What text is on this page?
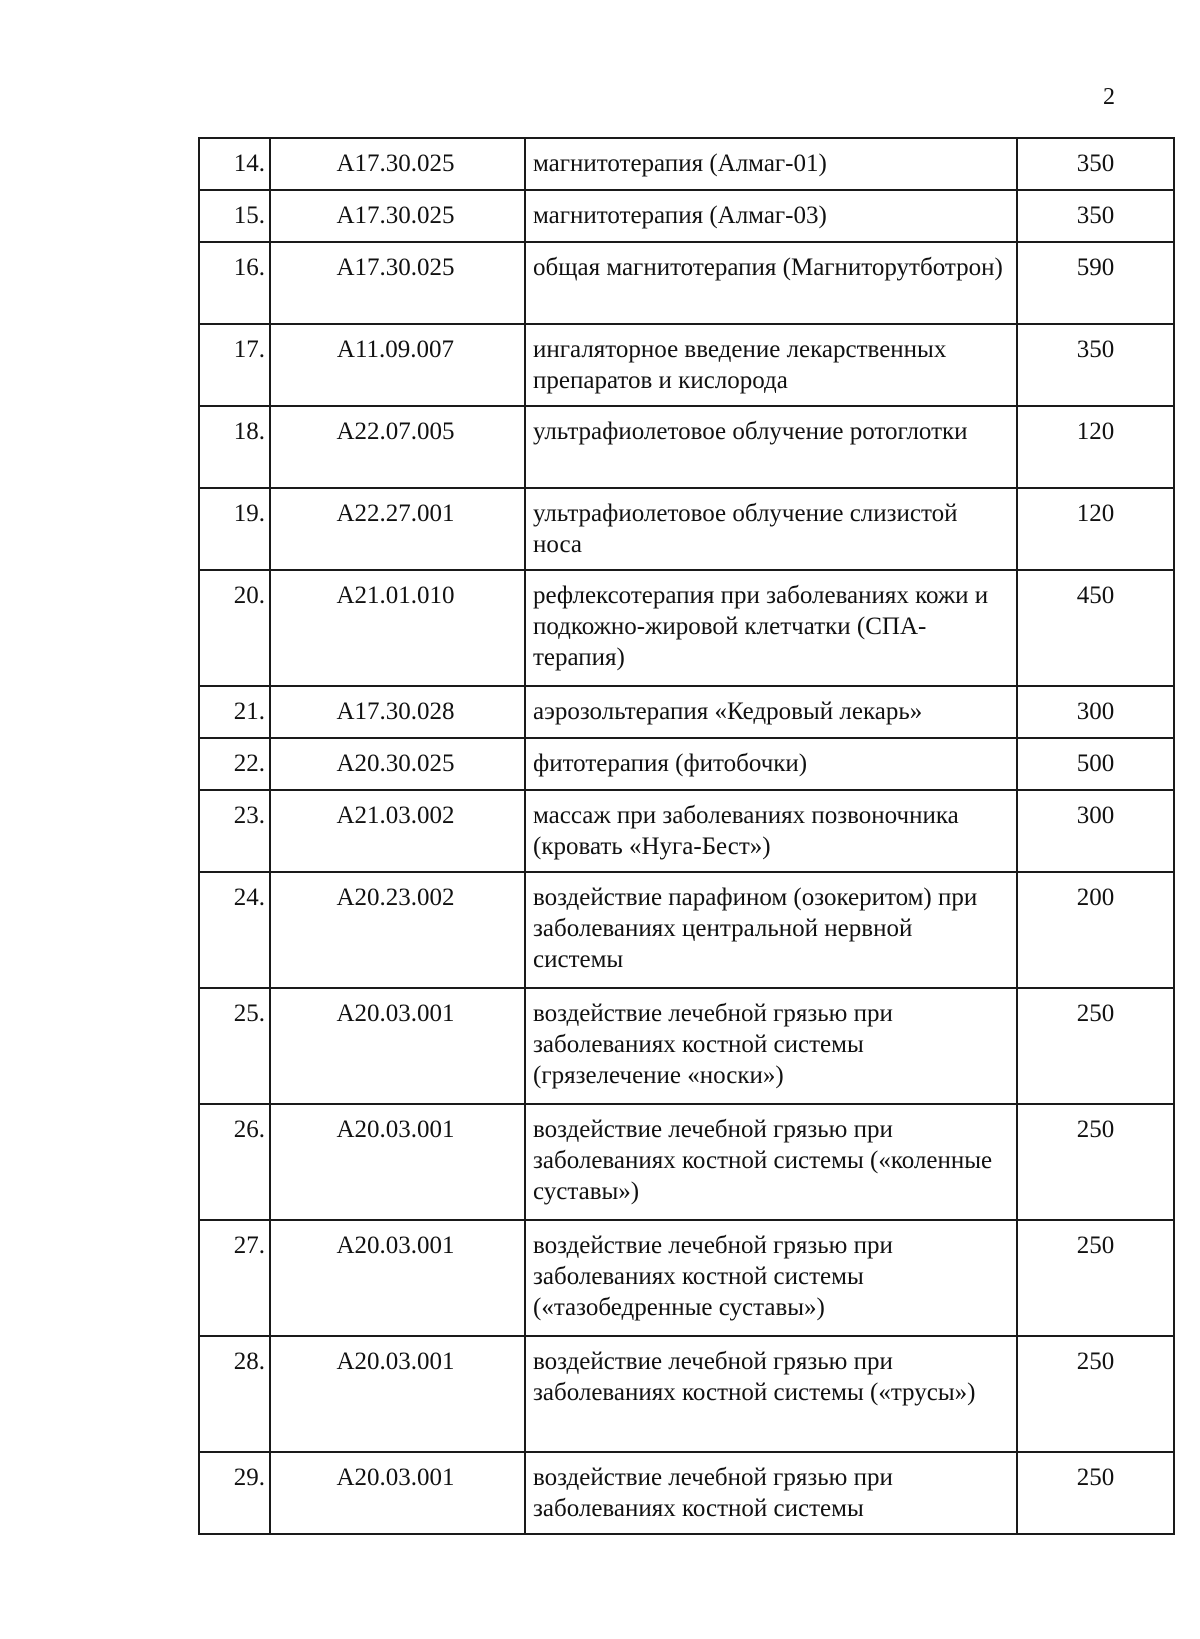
2
14.	А17.30.025	магнитотерапия (Алмаг-01)	350
15.	А17.30.025	магнитотерапия (Алмаг-03)	350
16.	А17.30.025	общая магнитотерапия (Магниторутботрон)	590
17.	А11.09.007	ингаляторное введение лекарственных препаратов и кислорода	350
18.	А22.07.005	ультрафиолетовое облучение ротоглотки	120
19.	А22.27.001	ультрафиолетовое облучение слизистой носа	120
20.	А21.01.010	рефлексотерапия при заболеваниях кожи и подкожно-жировой клетчатки (СПА-терапия)	450
21.	А17.30.028	аэрозольтерапия «Кедровый лекарь»	300
22.	А20.30.025	фитотерапия (фитобочки)	500
23.	А21.03.002	массаж при заболеваниях позвоночника (кровать «Нуга-Бест»)	300
24.	А20.23.002	воздействие парафином (озокеритом) при заболеваниях центральной нервной системы	200
25.	А20.03.001	воздействие лечебной грязью при заболеваниях костной системы (грязелечение «носки»)	250
26.	А20.03.001	воздействие лечебной грязью при заболеваниях костной системы («коленные суставы»)	250
27.	А20.03.001	воздействие лечебной грязью при заболеваниях костной системы («тазобедренные суставы»)	250
28.	А20.03.001	воздействие лечебной грязью при заболеваниях костной системы («трусы»)	250
29.	А20.03.001	воздействие лечебной грязью при заболеваниях костной системы	250
